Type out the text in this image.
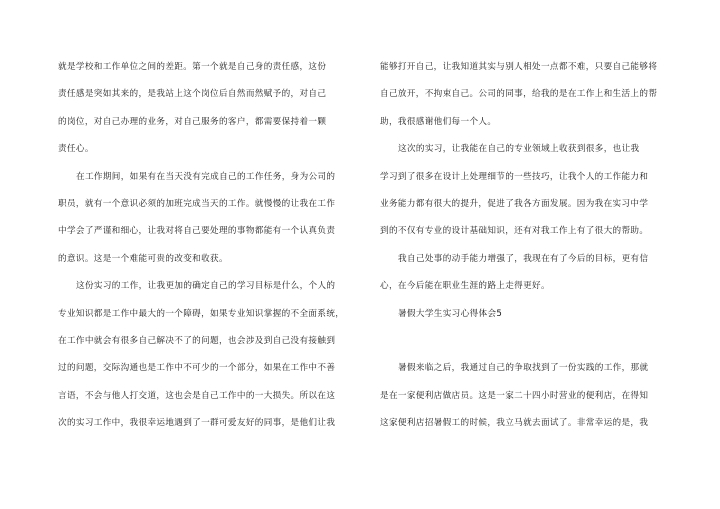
就是学校和工作单位之间的差距。第一个就是自己身的责任感，这份
责任感是突如其来的，是我站上这个岗位后自然而然赋予的，对自己
的岗位，对自己办理的业务，对自己服务的客户，都需要保持着一颗
责任心。
在工作期间，如果有在当天没有完成自己的工作任务，身为公司的
职员，就有一个意识必须的加班完成当天的工作。就慢慢的让我在工作
中学会了严谨和细心，让我对将自己要处理的事物都能有一个认真负责
的意识。这是一个难能可贵的改变和收获。
这份实习的工作，让我更加的确定自己的学习目标是什么，个人的
专业知识都是工作中最大的一个障碍，如果专业知识掌握的不全面系统，
在工作中就会有很多自己解决不了的问题，也会涉及到自己没有接触到
过的问题，交际沟通也是工作中不可少的一个部分，如果在工作中不善
言语，不会与他人打交道，这也会是自己工作中的一大损失。所以在这
次的实习工作中，我很幸运地遇到了一群可爱友好的同事，是他们让我
能够打开自己，让我知道其实与别人相处一点都不难，只要自己能够将
自己放开，不拘束自己。公司的同事，给我的是在工作上和生活上的帮
助，我很感谢他们每一个人。
这次的实习，让我能在自己的专业领域上收获到很多，也让我
学习到了很多在设计上处理细节的一些技巧，让我个人的工作能力和
业务能力都有很大的提升，促进了我各方面发展。因为我在实习中学
到的不仅有专业的设计基础知识，还有对我工作上有了很大的帮助。
我自己处事的动手能力增强了，我现在有了今后的目标，更有信
心，在今后能在职业生涯的路上走得更好。
暑假大学生实习心得体会5
暑假来临之后，我通过自己的争取找到了一份实践的工作，那就
是在一家便利店做店员。这是一家二十四小时营业的便利店，在得知
这家便利店招暑假工的时候，我立马就去面试了。非常幸运的是，我
